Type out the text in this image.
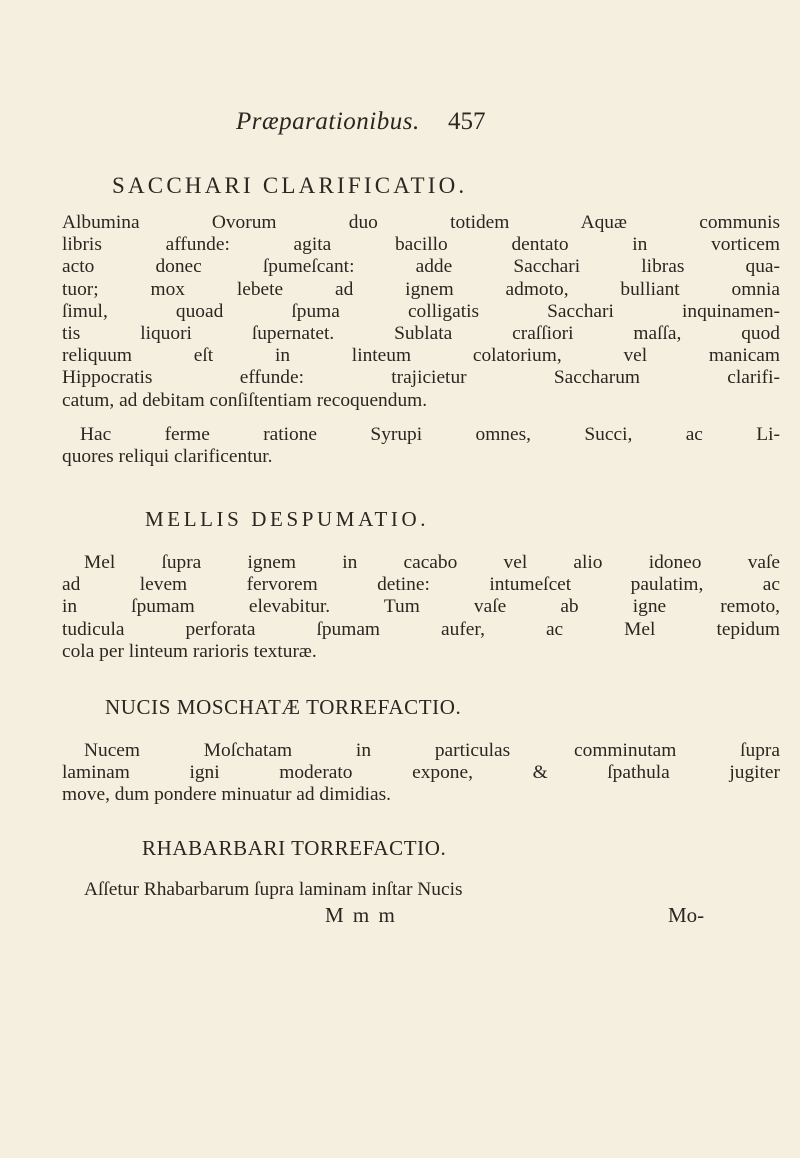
Præparationibus. 457
SACCHARI CLARIFICATIO.

Albumina Ovorum duo totidem Aquæ communis
libris affunde: agita bacillo dentato in vorticem
acto donec ſpumeſcant: adde Sacchari libras qua-
tuor; mox lebete ad ignem admoto, bulliant omnia
ſimul, quoad ſpuma colligatis Sacchari inquinamen-
tis liquori ſupernatet. Sublata craſſiori maſſa, quod
reliquum eſt in linteum colatorium, vel manicam
Hippocratis effunde: trajicietur Saccharum clarifi-
catum, ad debitam conſiſtentiam recoquendum.

Hac ferme ratione Syrupi omnes, Succi, ac Li-
quores reliqui clarificentur.

MELLIS DESPUMATIO.

Mel ſupra ignem in cacabo vel alio idoneo vaſe
ad levem fervorem detine: intumeſcet paulatim, ac
in ſpumam elevabitur. Tum vaſe ab igne remoto,
tudicula perforata ſpumam aufer, ac Mel tepidum
cola per linteum rarioris texturæ.

NUCIS MOSCHATÆ TORREFACTIO.

Nucem Moſchatam in particulas comminutam ſupra
laminam igni moderato expone, & ſpathula jugiter
move, dum pondere minuatur ad dimidias.

RHABARBARI TORREFACTIO.

Aſſetur Rhabarbarum ſupra laminam inſtar Nucis

M m m	Mo-
